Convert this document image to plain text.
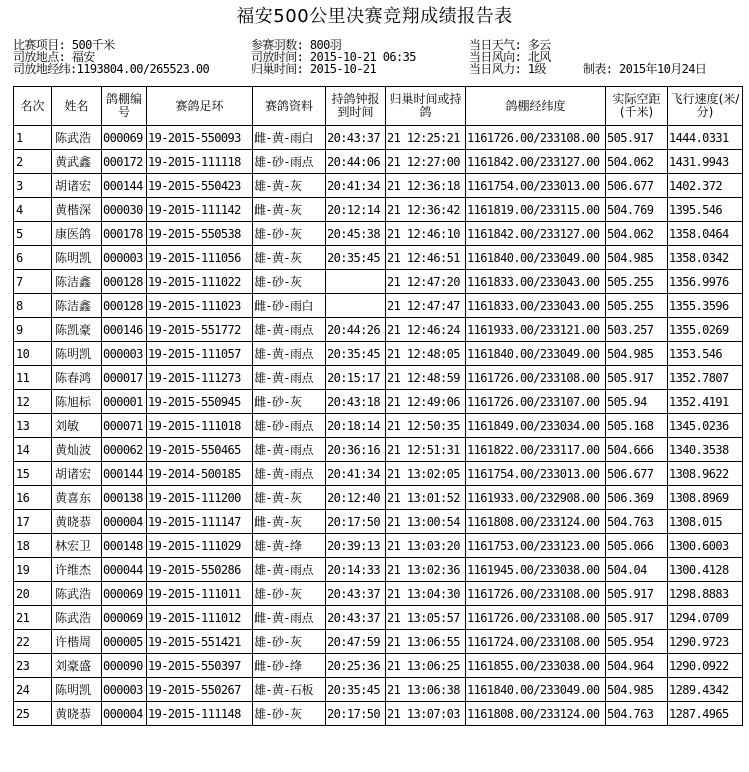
福安500公里决赛竞翔成绩报告表
比赛项目: 500千米
司放地点: 福安
司放地经纬:1193804.00/265523.00
参赛羽数: 800羽
司放时间: 2015-10-21 06:35
归巢时间: 2015-10-21
当日天气: 多云
当日风向: 北风
当日风力: 1级	制表: 2015年10月24日
名次	姓名	鸽棚编号	赛鸽足环	赛鸽资料	持鸽钟报到时间	归巢时间或持鸽	鸽棚经纬度	实际空距(千米)	飞行速度(米/分)
1	陈武浩	000069	19-2015-550093	雌-黄-雨白	20:43:37	21 12:25:21	1161726.00/233108.00	505.917	1444.0331
2	黄武鑫	000172	19-2015-111118	雄-砂-雨点	20:44:06	21 12:27:00	1161842.00/233127.00	504.062	1431.9943
3	胡诸宏	000144	19-2015-550423	雄-黄-灰	20:41:34	21 12:36:18	1161754.00/233013.00	506.677	1402.372
4	黄楷深	000030	19-2015-111142	雌-黄-灰	20:12:14	21 12:36:42	1161819.00/233115.00	504.769	1395.546
5	康医鸽	000178	19-2015-550538	雄-砂-灰	20:45:38	21 12:46:10	1161842.00/233127.00	504.062	1358.0464
6	陈明凯	000003	19-2015-111056	雄-黄-灰	20:35:45	21 12:46:51	1161840.00/233049.00	504.985	1358.0342
7	陈洁鑫	000128	19-2015-111022	雄-砂-灰		21 12:47:20	1161833.00/233043.00	505.255	1356.9976
8	陈洁鑫	000128	19-2015-111023	雌-砂-雨白		21 12:47:47	1161833.00/233043.00	505.255	1355.3596
9	陈凯豪	000146	19-2015-551772	雄-黄-雨点	20:44:26	21 12:46:24	1161933.00/233121.00	503.257	1355.0269
10	陈明凯	000003	19-2015-111057	雄-黄-雨点	20:35:45	21 12:48:05	1161840.00/233049.00	504.985	1353.546
11	陈春鸿	000017	19-2015-111273	雄-黄-雨点	20:15:17	21 12:48:59	1161726.00/233108.00	505.917	1352.7807
12	陈旭标	000001	19-2015-550945	雌-砂-灰	20:43:18	21 12:49:06	1161726.00/233107.00	505.94	1352.4191
13	刘敏	000071	19-2015-111018	雄-砂-雨点	20:18:14	21 12:50:35	1161849.00/233034.00	505.168	1345.0236
14	黄灿波	000062	19-2015-550465	雄-黄-雨点	20:36:16	21 12:51:31	1161822.00/233117.00	504.666	1340.3538
15	胡诸宏	000144	19-2014-500185	雄-黄-雨点	20:41:34	21 13:02:05	1161754.00/233013.00	506.677	1308.9622
16	黄喜东	000138	19-2015-111200	雄-黄-灰	20:12:40	21 13:01:52	1161933.00/232908.00	506.369	1308.8969
17	黄晓恭	000004	19-2015-111147	雌-黄-灰	20:17:50	21 13:00:54	1161808.00/233124.00	504.763	1308.015
18	林宏卫	000148	19-2015-111029	雄-黄-绛	20:39:13	21 13:03:20	1161753.00/233123.00	505.066	1300.6003
19	许维杰	000044	19-2015-550286	雄-黄-雨点	20:14:33	21 13:02:36	1161945.00/233038.00	504.04	1300.4128
20	陈武浩	000069	19-2015-111011	雄-砂-灰	20:43:37	21 13:04:30	1161726.00/233108.00	505.917	1298.8883
21	陈武浩	000069	19-2015-111012	雌-黄-雨点	20:43:37	21 13:05:57	1161726.00/233108.00	505.917	1294.0709
22	许楷周	000005	19-2015-551421	雄-砂-灰	20:47:59	21 13:06:55	1161724.00/233108.00	505.954	1290.9723
23	刘豪盛	000090	19-2015-550397	雌-砂-绛	20:25:36	21 13:06:25	1161855.00/233038.00	504.964	1290.0922
24	陈明凯	000003	19-2015-550267	雄-黄-石板	20:35:45	21 13:06:38	1161840.00/233049.00	504.985	1289.4342
25	黄晓恭	000004	19-2015-111148	雄-砂-灰	20:17:50	21 13:07:03	1161808.00/233124.00	504.763	1287.4965
